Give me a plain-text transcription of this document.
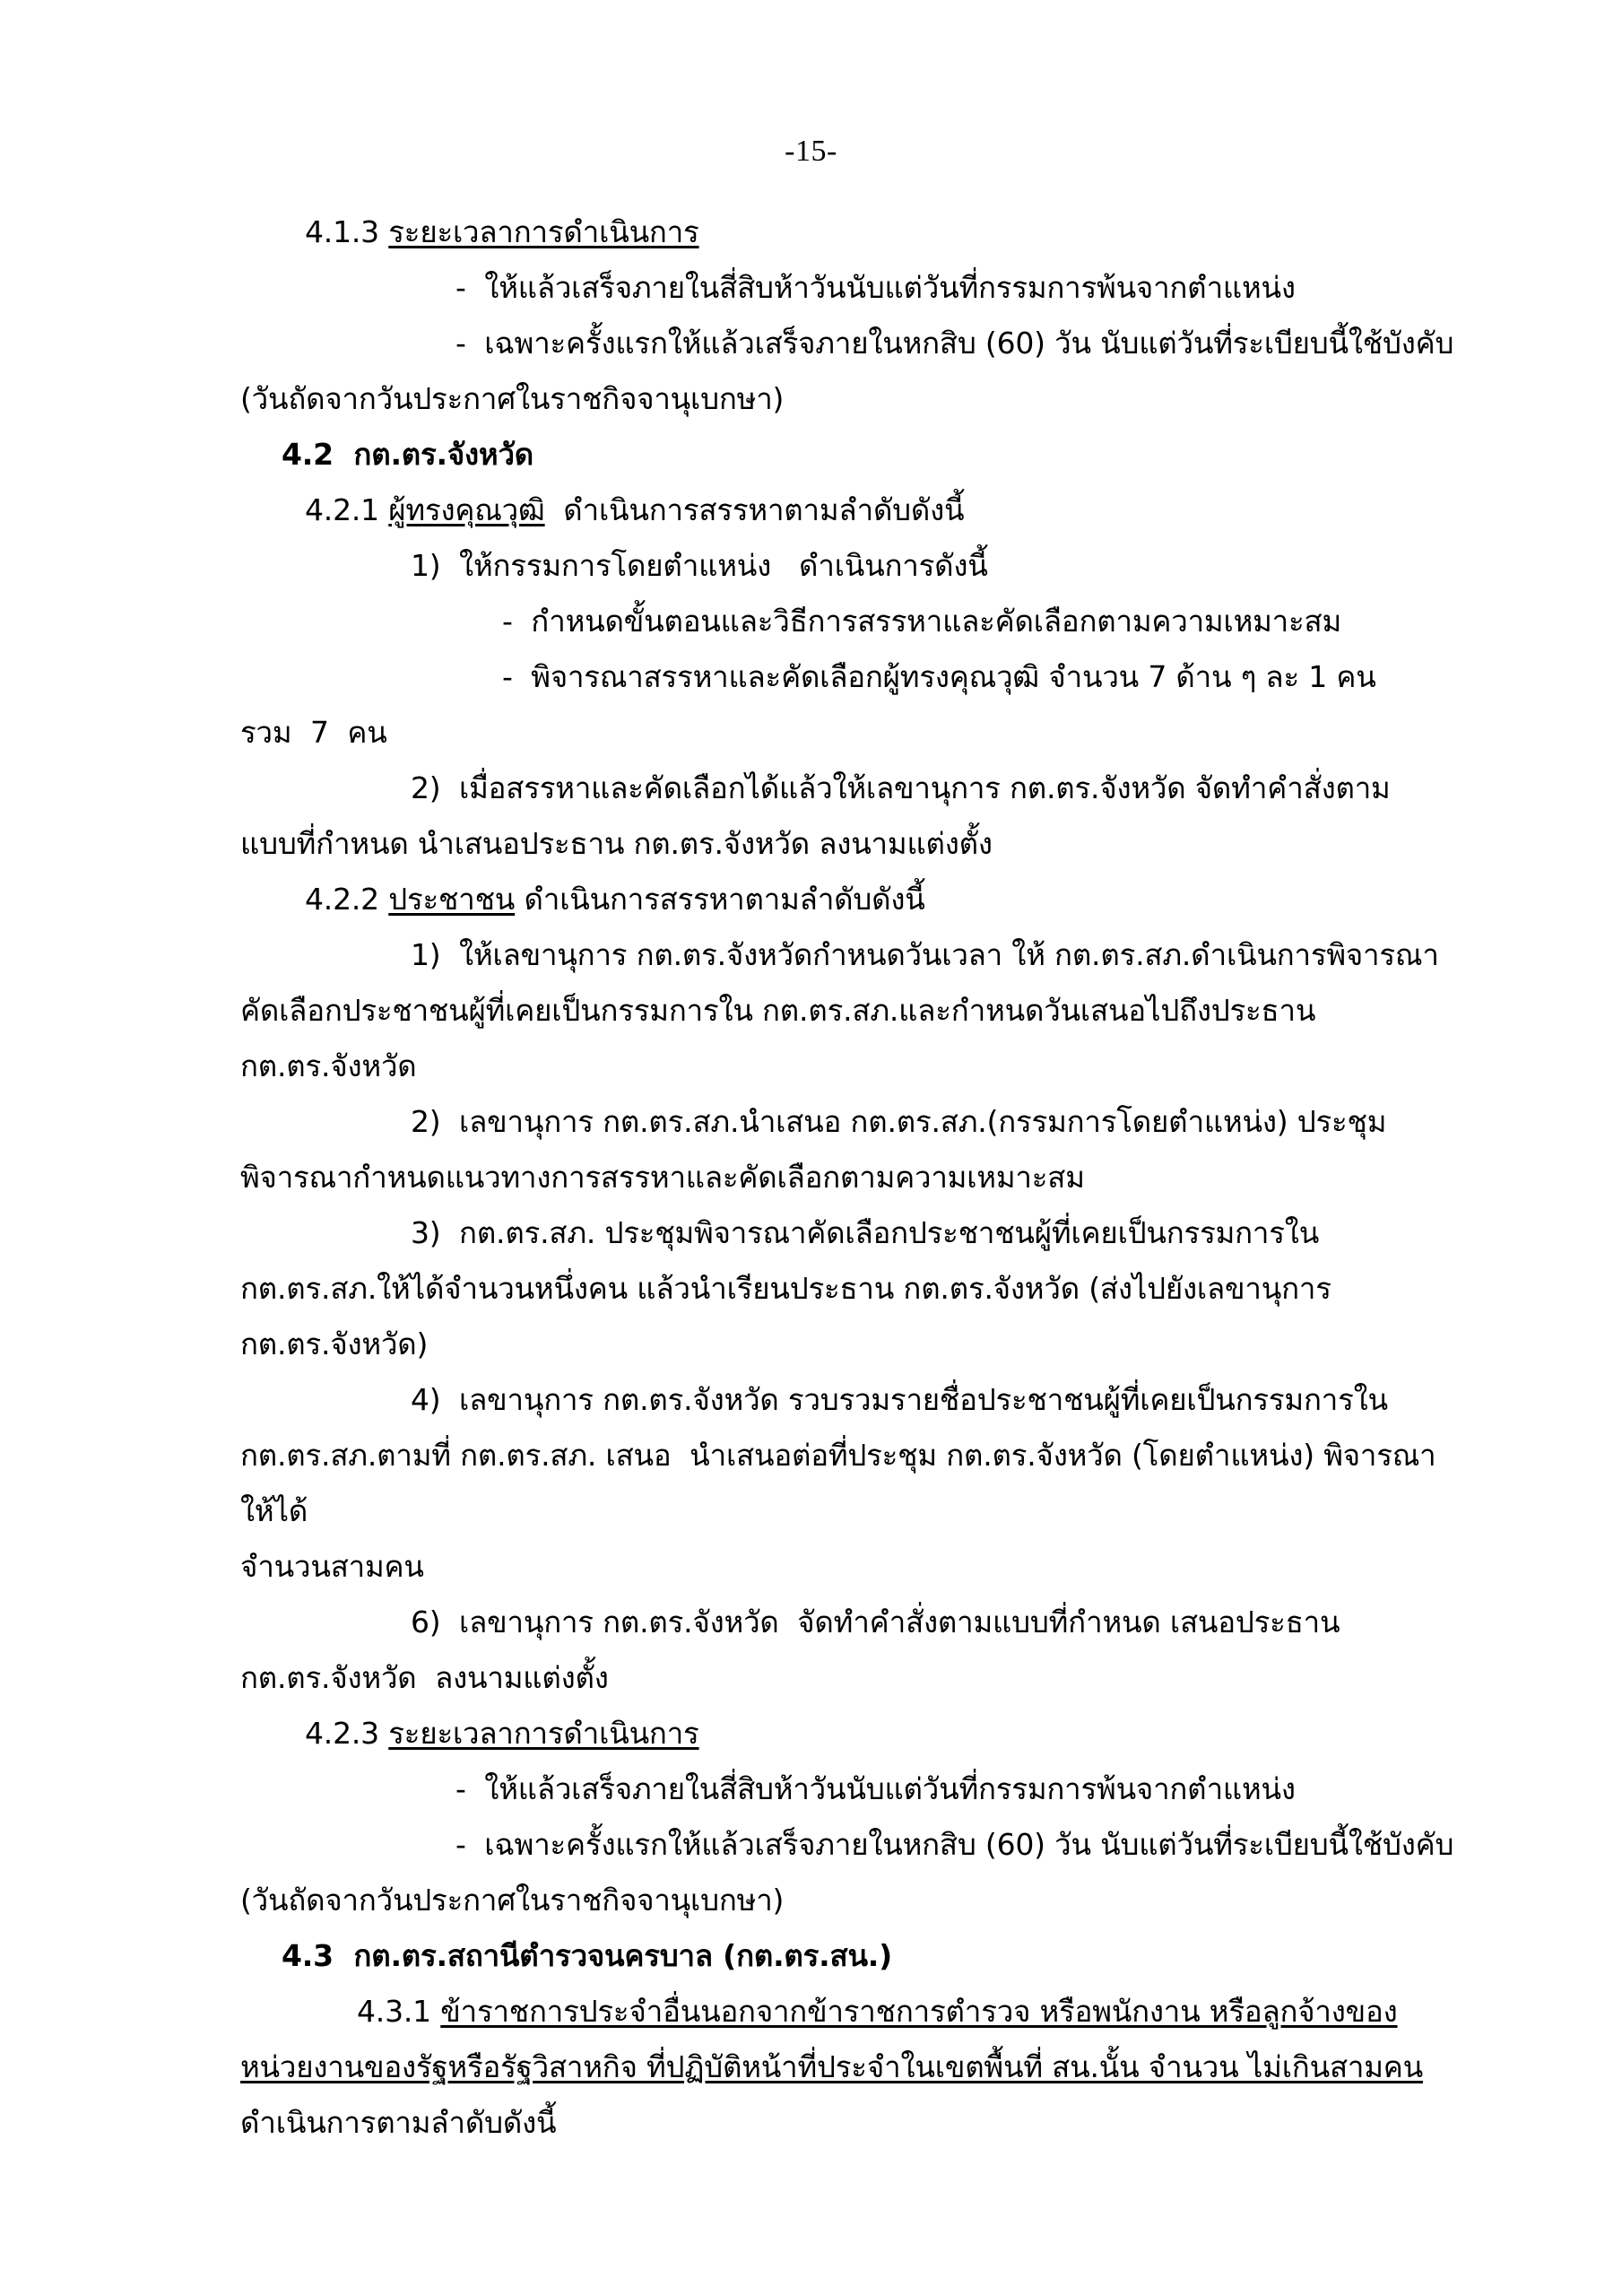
-15-
4.1.3 ระยะเวลาการดำเนินการ
-  ให้แล้วเสร็จภายในสี่สิบห้าวันนับแต่วันที่กรรมการพ้นจากตำแหน่ง
-  เฉพาะครั้งแรกให้แล้วเสร็จภายในหกสิบ (60) วัน นับแต่วันที่ระเบียบนี้ใช้บังคับ
(วันถัดจากวันประกาศในราชกิจจานุเบกษา)
4.2  กต.ตร.จังหวัด
4.2.1 ผู้ทรงคุณวุฒิ  ดำเนินการสรรหาตามลำดับดังนี้
1)  ให้กรรมการโดยตำแหน่ง   ดำเนินการดังนี้
-  กำหนดขั้นตอนและวิธีการสรรหาและคัดเลือกตามความเหมาะสม
-  พิจารณาสรรหาและคัดเลือกผู้ทรงคุณวุฒิ จำนวน 7 ด้าน ๆ ละ 1 คน
รวม  7  คน
2)  เมื่อสรรหาและคัดเลือกได้แล้วให้เลขานุการ กต.ตร.จังหวัด จัดทำคำสั่งตาม
แบบที่กำหนด นำเสนอประธาน กต.ตร.จังหวัด ลงนามแต่งตั้ง
4.2.2 ประชาชน ดำเนินการสรรหาตามลำดับดังนี้
1)  ให้เลขานุการ กต.ตร.จังหวัดกำหนดวันเวลา ให้ กต.ตร.สภ.ดำเนินการพิจารณา
คัดเลือกประชาชนผู้ที่เคยเป็นกรรมการใน กต.ตร.สภ.และกำหนดวันเสนอไปถึงประธาน กต.ตร.จังหวัด
2)  เลขานุการ กต.ตร.สภ.นำเสนอ กต.ตร.สภ.(กรรมการโดยตำแหน่ง) ประชุม
พิจารณากำหนดแนวทางการสรรหาและคัดเลือกตามความเหมาะสม
3)  กต.ตร.สภ. ประชุมพิจารณาคัดเลือกประชาชนผู้ที่เคยเป็นกรรมการใน
กต.ตร.สภ.ให้ได้จำนวนหนึ่งคน แล้วนำเรียนประธาน กต.ตร.จังหวัด (ส่งไปยังเลขานุการ กต.ตร.จังหวัด)
4)  เลขานุการ กต.ตร.จังหวัด รวบรวมรายชื่อประชาชนผู้ที่เคยเป็นกรรมการใน
กต.ตร.สภ.ตามที่ กต.ตร.สภ. เสนอ  นำเสนอต่อที่ประชุม กต.ตร.จังหวัด (โดยตำแหน่ง) พิจารณาให้ได้
จำนวนสามคน
6)  เลขานุการ กต.ตร.จังหวัด  จัดทำคำสั่งตามแบบที่กำหนด เสนอประธาน
กต.ตร.จังหวัด  ลงนามแต่งตั้ง
4.2.3 ระยะเวลาการดำเนินการ
-  ให้แล้วเสร็จภายในสี่สิบห้าวันนับแต่วันที่กรรมการพ้นจากตำแหน่ง
-  เฉพาะครั้งแรกให้แล้วเสร็จภายในหกสิบ (60) วัน นับแต่วันที่ระเบียบนี้ใช้บังคับ
(วันถัดจากวันประกาศในราชกิจจานุเบกษา)
4.3  กต.ตร.สถานีตำรวจนครบาล (กต.ตร.สน.)
4.3.1 ข้าราชการประจำอื่นนอกจากข้าราชการตำรวจ หรือพนักงาน หรือลูกจ้างของ
หน่วยงานของรัฐหรือรัฐวิสาหกิจ ที่ปฏิบัติหน้าที่ประจำในเขตพื้นที่ สน.นั้น จำนวน ไม่เกินสามคน
ดำเนินการตามลำดับดังนี้
